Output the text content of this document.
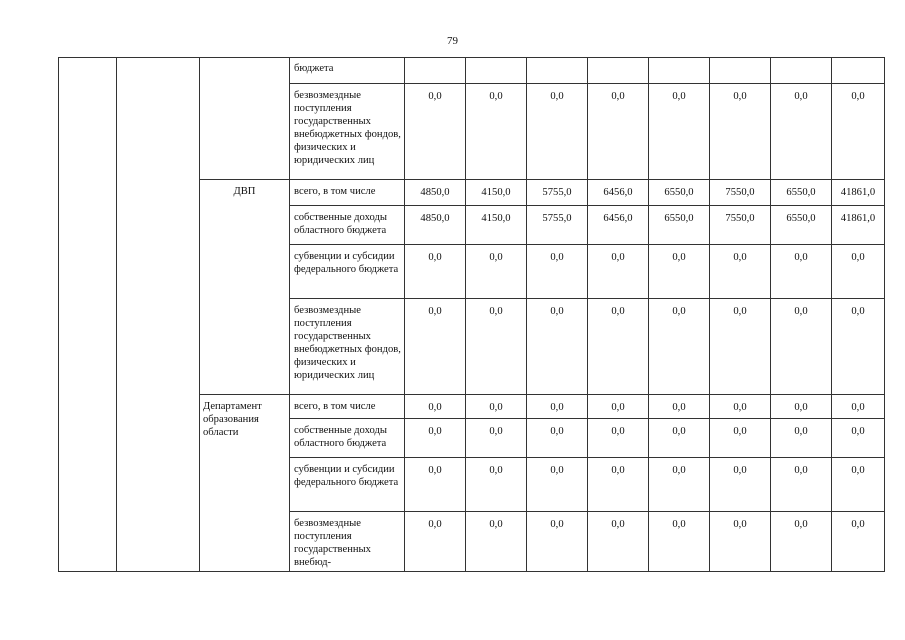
79
			бюджета								
			безвозмездные поступления государственных внебюджетных фондов, физических и юридических лиц	0,0	0,0	0,0	0,0	0,0	0,0	0,0	0,0
		ДВП	всего, в том числе	4850,0	4150,0	5755,0	6456,0	6550,0	7550,0	6550,0	41861,0
			собственные доходы областного бюджета	4850,0	4150,0	5755,0	6456,0	6550,0	7550,0	6550,0	41861,0
			субвенции и субсидии федерального бюджета	0,0	0,0	0,0	0,0	0,0	0,0	0,0	0,0
			безвозмездные поступления государственных внебюджетных фондов, физических и юридических лиц	0,0	0,0	0,0	0,0	0,0	0,0	0,0	0,0
		Департамент образования области	всего, в том числе	0,0	0,0	0,0	0,0	0,0	0,0	0,0	0,0
			собственные доходы областного бюджета	0,0	0,0	0,0	0,0	0,0	0,0	0,0	0,0
			субвенции и субсидии федерального бюджета	0,0	0,0	0,0	0,0	0,0	0,0	0,0	0,0
			безвозмездные поступления государственных внебюд-	0,0	0,0	0,0	0,0	0,0	0,0	0,0	0,0
